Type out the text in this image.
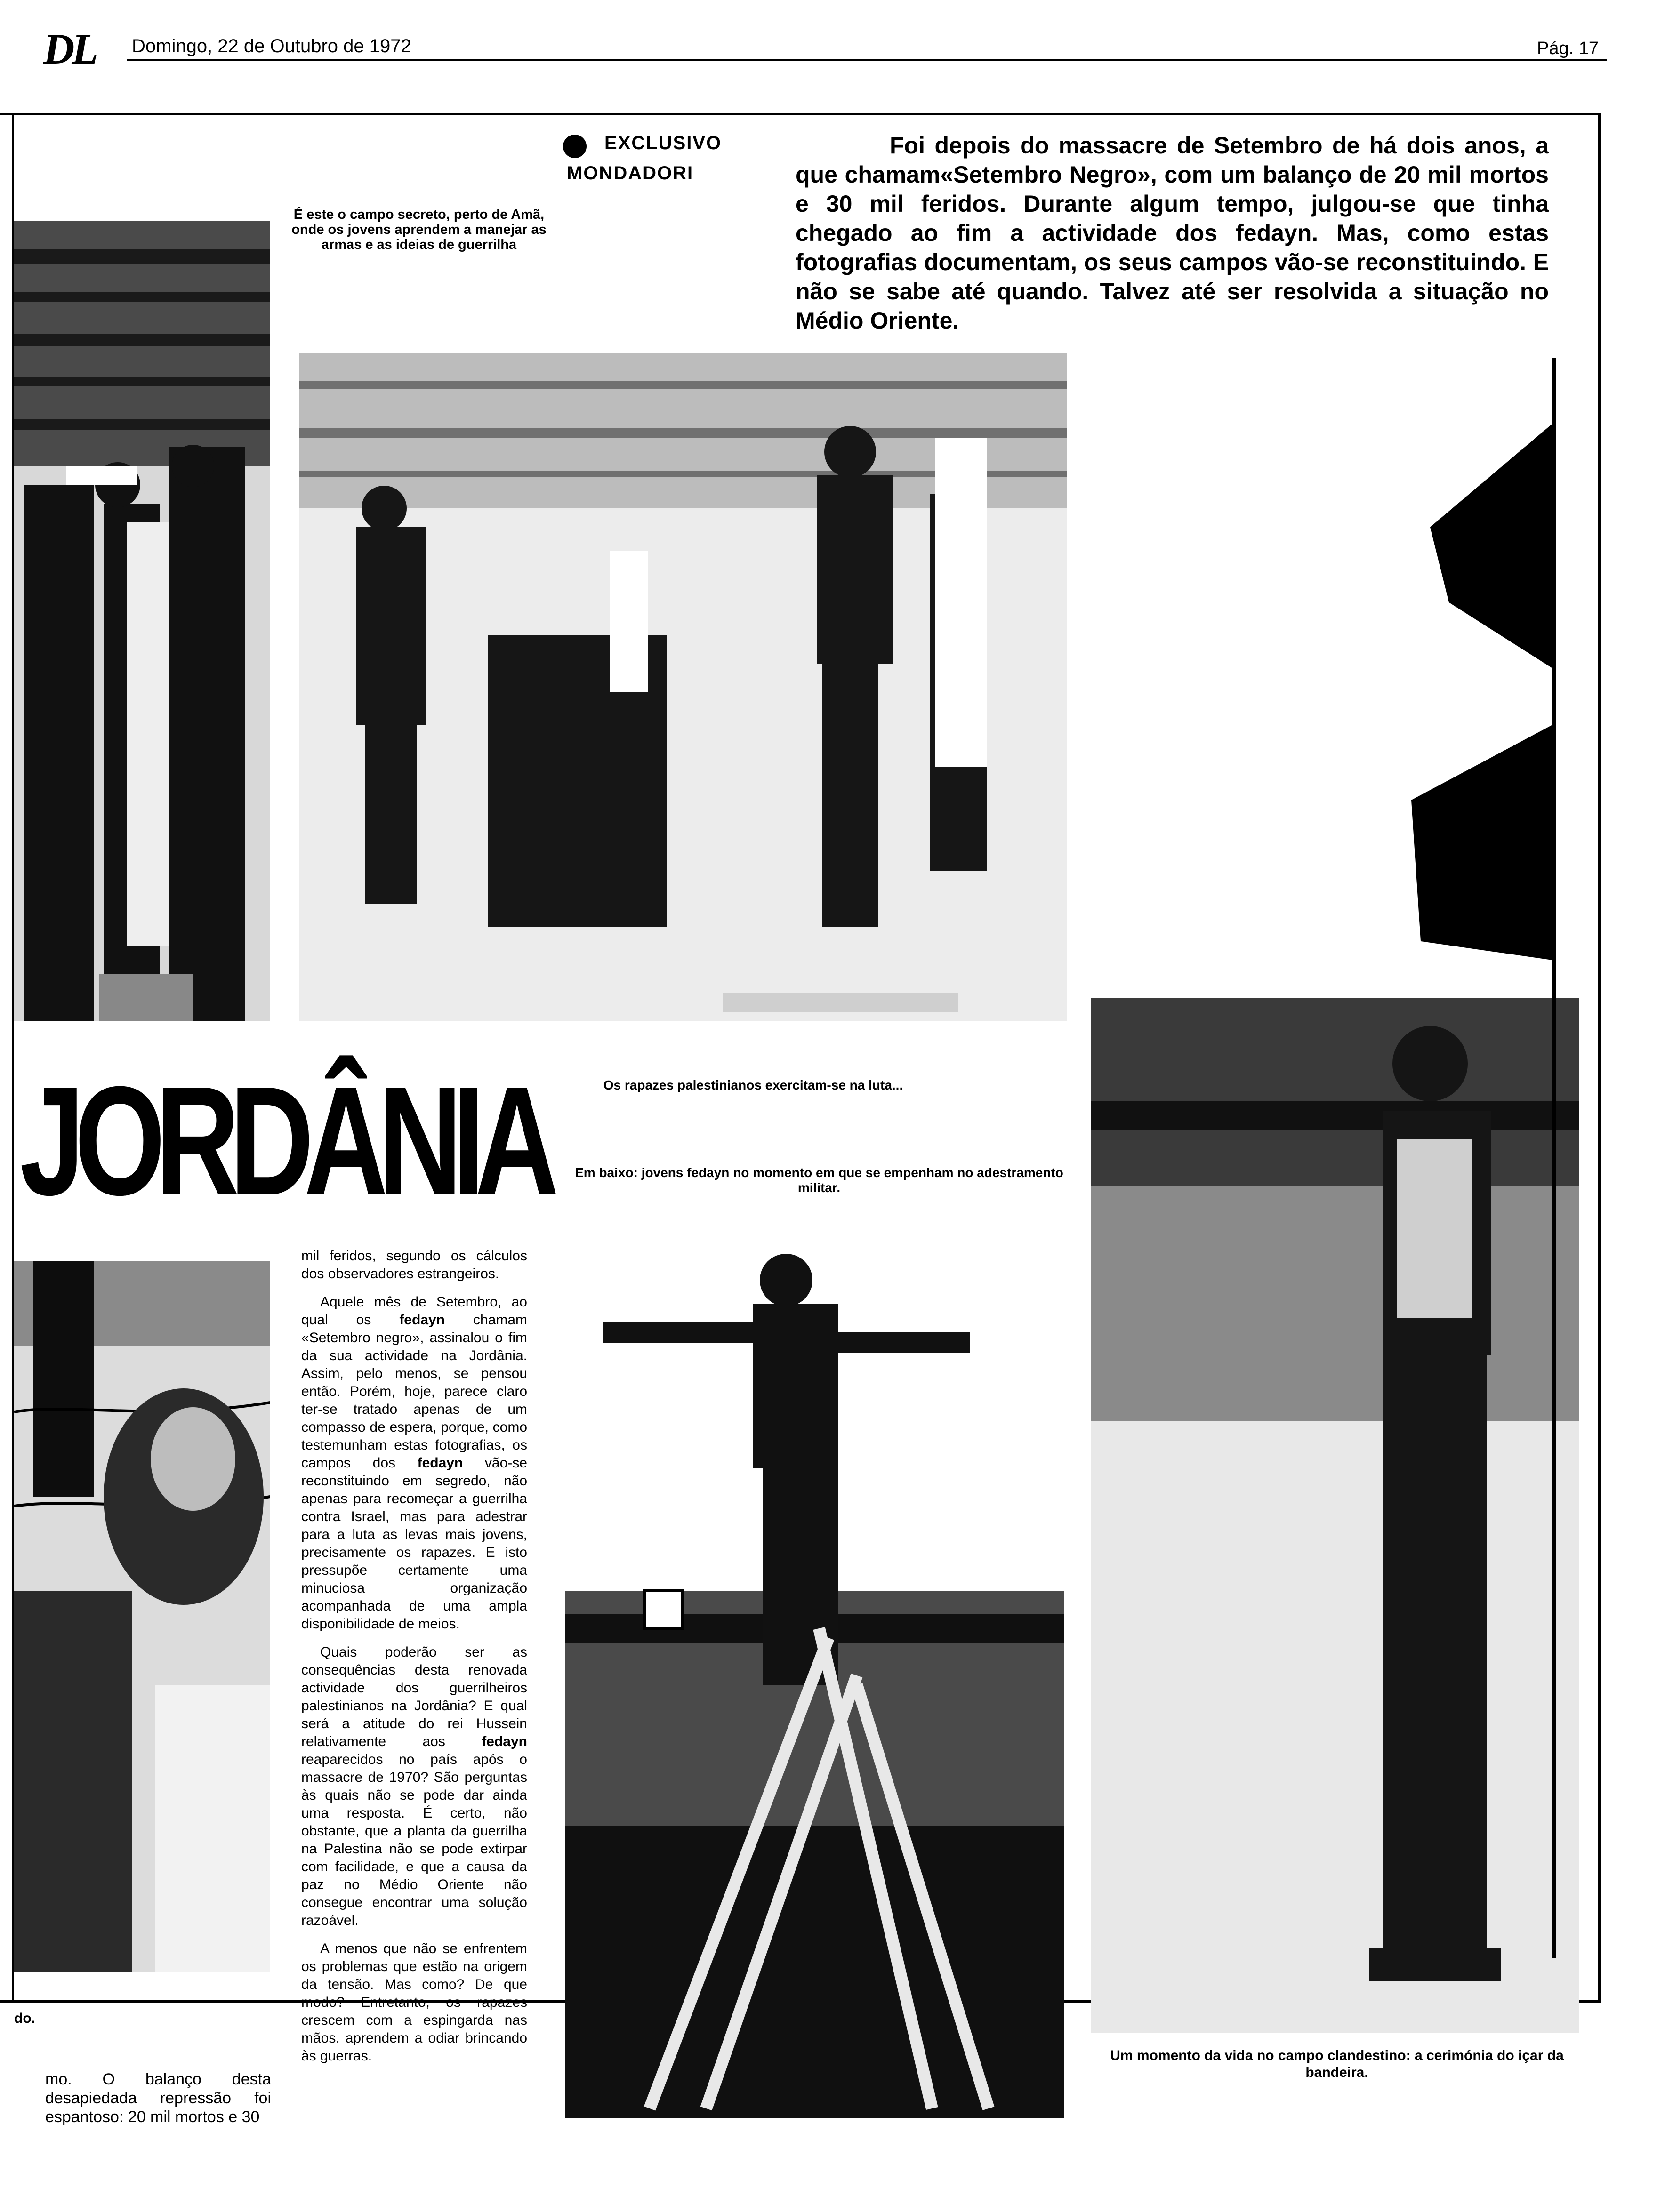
DL Domingo, 22 de Outubro de 1972	Pág. 17
EXCLUSIVO
MONDADORI
Foi depois do massacre de Setembro de há dois anos, a que chamam«Setembro Negro», com um balanço de 20 mil mortos e 30 mil feridos. Durante algum tempo, julgou-se que tinha chegado ao fim a actividade dos fedayn. Mas, como estas fotografias documentam, os seus campos vão-se reconstituindo. E não se sabe até quando. Talvez até ser resolvida a situação no Médio Oriente.
É este o campo secreto, perto de Amã, onde os jovens aprendem a manejar as armas e as ideias de guerrilha
Os rapazes palestinianos exercitam-se na luta...
Em baixo: jovens fedayn no momento em que se empenham no adestramento militar.
Um momento da vida no campo clandestino: a cerimónia do içar da bandeira.
JORDÂNIA

mil feridos, segundo os cálculos dos observadores estrangeiros.

Aquele mês de Setembro, ao qual os fedayn chamam «Setembro negro», assinalou o fim da sua actividade na Jordânia. Assim, pelo menos, se pensou então. Porém, hoje, parece claro ter-se tratado apenas de um compasso de espera, porque, como testemunham estas fotografias, os campos dos fedayn vão-se reconstituindo em segredo, não apenas para recomeçar a guerrilha contra Israel, mas para adestrar para a luta as levas mais jovens, precisamente os rapazes. E isto pressupõe certamente uma minuciosa organização acompanhada de uma ampla disponibilidade de meios.

Quais poderão ser as consequências desta renovada actividade dos guerrilheiros palestinianos na Jordânia? E qual será a atitude do rei Hussein relativamente aos fedayn reaparecidos no país após o massacre de 1970? São perguntas às quais não se pode dar ainda uma resposta. É certo, não obstante, que a planta da guerrilha na Palestina não se pode extirpar com facilidade, e que a causa da paz no Médio Oriente não consegue encontrar uma solução razoável.

A menos que não se enfrentem os problemas que estão na origem da tensão. Mas como? De que modo? Entretanto, os rapazes crescem com a espingarda nas mãos, aprendem a odiar brincando às guerras.

do.
mo. O balanço desta desapiedada repressão foi espantoso: 20 mil mortos e 30
